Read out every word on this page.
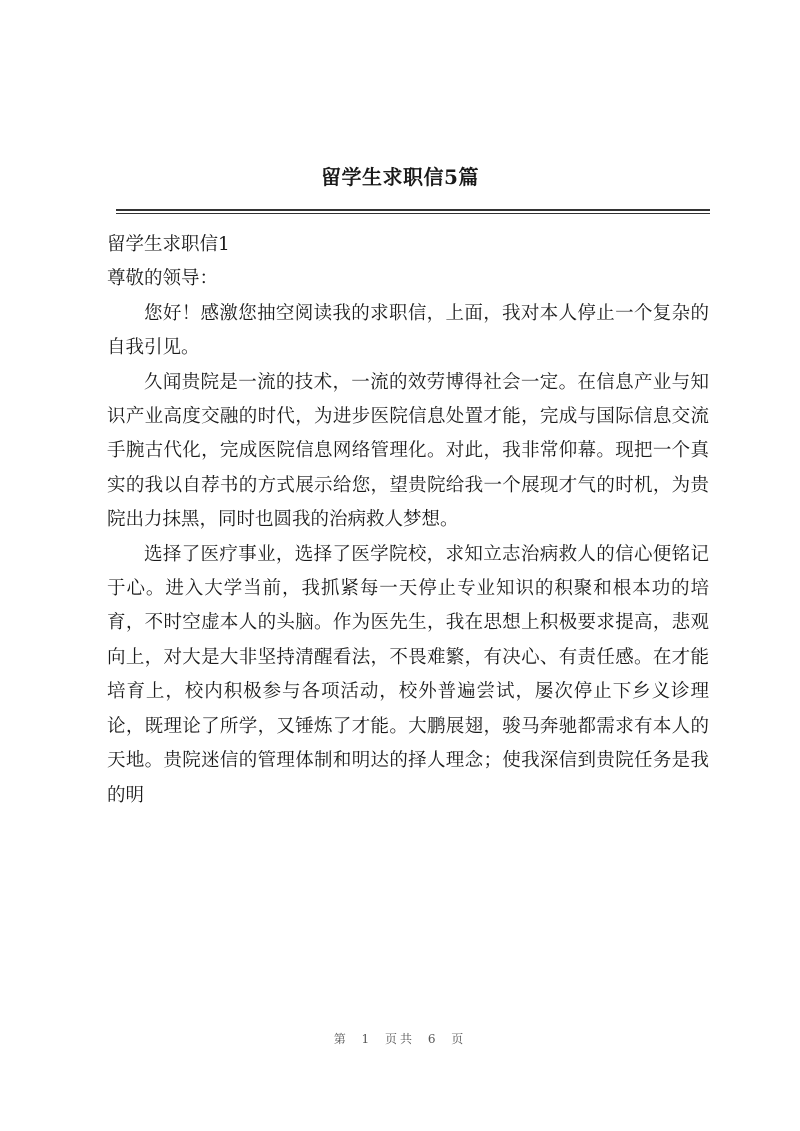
留学生求职信5篇

留学生求职信1

尊敬的领导：

您好！感激您抽空阅读我的求职信，上面，我对本人停止一个复杂的自我引见。

久闻贵院是一流的技术，一流的效劳博得社会一定。在信息产业与知识产业高度交融的时代，为进步医院信息处置才能，完成与国际信息交流手腕古代化，完成医院信息网络管理化。对此，我非常仰幕。现把一个真实的我以自荐书的方式展示给您，望贵院给我一个展现才气的时机，为贵院出力抹黑，同时也圆我的治病救人梦想。

选择了医疗事业，选择了医学院校，求知立志治病救人的信心便铭记于心。进入大学当前，我抓紧每一天停止专业知识的积聚和根本功的培育，不时空虚本人的头脑。作为医先生，我在思想上积极要求提高，悲观向上，对大是大非坚持清醒看法，不畏难繁，有决心、有责任感。在才能培育上，校内积极参与各项活动，校外普遍尝试，屡次停止下乡义诊理论，既理论了所学，又锤炼了才能。大鹏展翅，骏马奔驰都需求有本人的天地。贵院迷信的管理体制和明达的择人理念；使我深信到贵院任务是我的明

第 1 页共 6 页
